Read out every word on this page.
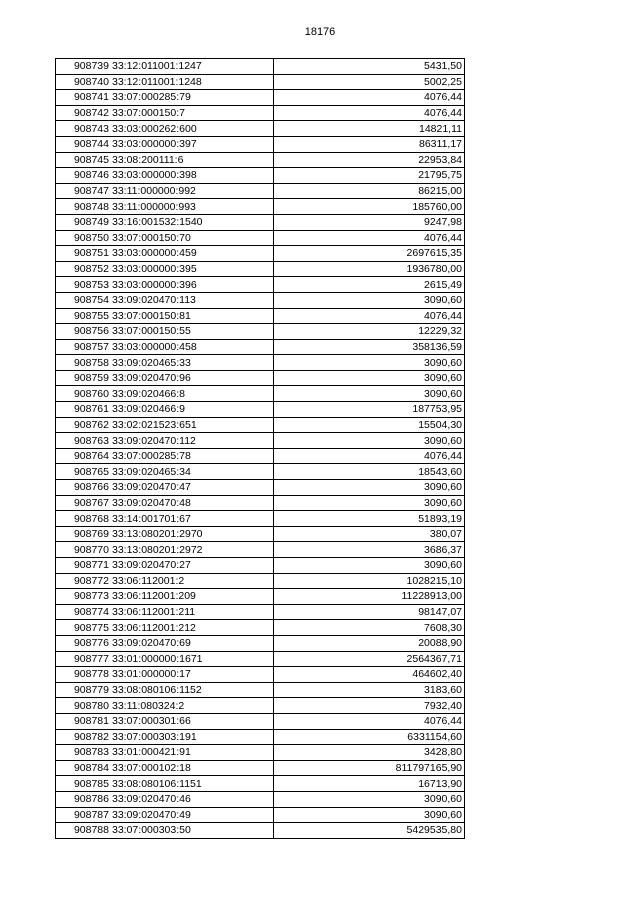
18176
908739	33:12:011001:1247	5431,50
908740	33:12:011001:1248	5002,25
908741	33:07:000285:79	4076,44
908742	33:07:000150:7	4076,44
908743	33:03:000262:600	14821,11
908744	33:03:000000:397	86311,17
908745	33:08:200111:6	22953,84
908746	33:03:000000:398	21795,75
908747	33:11:000000:992	86215,00
908748	33:11:000000:993	185760,00
908749	33:16:001532:1540	9247,98
908750	33:07:000150:70	4076,44
908751	33:03:000000:459	2697615,35
908752	33:03:000000:395	1936780,00
908753	33:03:000000:396	2615,49
908754	33:09:020470:113	3090,60
908755	33:07:000150:81	4076,44
908756	33:07:000150:55	12229,32
908757	33:03:000000:458	358136,59
908758	33:09:020465:33	3090,60
908759	33:09:020470:96	3090,60
908760	33:09:020466:8	3090,60
908761	33:09:020466:9	187753,95
908762	33:02:021523:651	15504,30
908763	33:09:020470:112	3090,60
908764	33:07:000285:78	4076,44
908765	33:09:020465:34	18543,60
908766	33:09:020470:47	3090,60
908767	33:09:020470:48	3090,60
908768	33:14:001701:67	51893,19
908769	33:13:080201:2970	380,07
908770	33:13:080201:2972	3686,37
908771	33:09:020470:27	3090,60
908772	33:06:112001:2	1028215,10
908773	33:06:112001:209	11228913,00
908774	33:06:112001:211	98147,07
908775	33:06:112001:212	7608,30
908776	33:09:020470:69	20088,90
908777	33:01:000000:1671	2564367,71
908778	33:01:000000:17	464602,40
908779	33:08:080106:1152	3183,60
908780	33:11:080324:2	7932,40
908781	33:07:000301:66	4076,44
908782	33:07:000303:191	6331154,60
908783	33:01:000421:91	3428,80
908784	33:07:000102:18	811797165,90
908785	33:08:080106:1151	16713,90
908786	33:09:020470:46	3090,60
908787	33:09:020470:49	3090,60
908788	33:07:000303:50	5429535,80
